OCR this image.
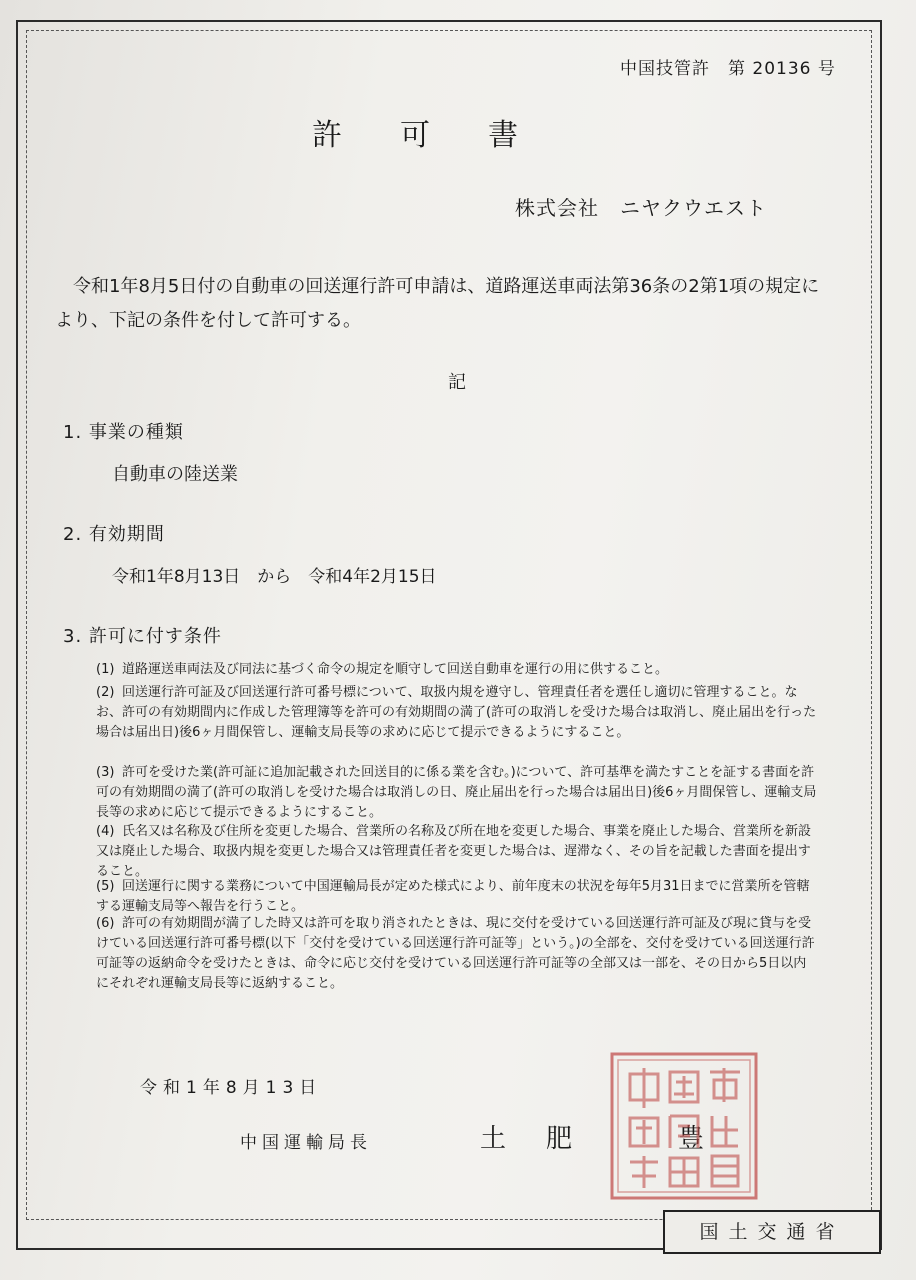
中国技管許　第 20136 号
許可書
株式会社　ニヤクウエスト
令和1年8月5日付の自動車の回送運行許可申請は、道路運送車両法第36条の2第1項の規定により、下記の条件を付して許可する。
記
1. 事業の種類
自動車の陸送業
2. 有効期間
令和1年8月13日　から　令和4年2月15日
3. 許可に付す条件
(1) 道路運送車両法及び同法に基づく命令の規定を順守して回送自動車を運行の用に供すること。
(2) 回送運行許可証及び回送運行許可番号標について、取扱内規を遵守し、管理責任者を選任し適切に管理すること。なお、許可の有効期間内に作成した管理簿等を許可の有効期間の満了(許可の取消しを受けた場合は取消し、廃止届出を行った場合は届出日)後6ヶ月間保管し、運輸支局長等の求めに応じて提示できるようにすること。
(3) 許可を受けた業(許可証に追加記載された回送目的に係る業を含む。)について、許可基準を満たすことを証する書面を許可の有効期間の満了(許可の取消しを受けた場合は取消しの日、廃止届出を行った場合は届出日)後6ヶ月間保管し、運輸支局長等の求めに応じて提示できるようにすること。
(4) 氏名又は名称及び住所を変更した場合、営業所の名称及び所在地を変更した場合、事業を廃止した場合、営業所を新設又は廃止した場合、取扱内規を変更した場合又は管理責任者を変更した場合は、遅滞なく、その旨を記載した書面を提出すること。
(5) 回送運行に関する業務について中国運輸局長が定めた様式により、前年度末の状況を毎年5月31日までに営業所を管轄する運輸支局等へ報告を行うこと。
(6) 許可の有効期間が満了した時又は許可を取り消されたときは、現に交付を受けている回送運行許可証及び現に貸与を受けている回送運行許可番号標(以下「交付を受けている回送運行許可証等」という。)の全部を、交付を受けている回送運行許可証等の返納命令を受けたときは、命令に応じ交付を受けている回送運行許可証等の全部又は一部を、その日から5日以内にそれぞれ運輸支局長等に返納すること。
令和1年8月13日
中国運輸局長	土肥　豊
国土交通省
